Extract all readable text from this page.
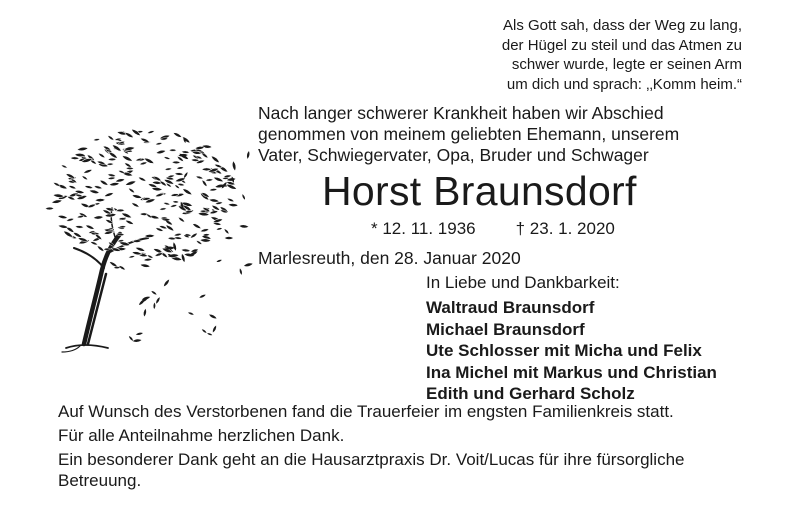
Als Gott sah, dass der Weg zu lang,
der Hügel zu steil und das Atmen zu
schwer wurde, legte er seinen Arm
um dich und sprach: ‚‚Komm heim.“
Nach langer schwerer Krankheit haben wir Abschied
genommen von meinem geliebten Ehemann, unserem
Vater, Schwiegervater, Opa, Bruder und Schwager
Horst Braunsdorf
* 12. 11. 1936 † 23. 1. 2020
Marlesreuth, den 28. Januar 2020
In Liebe und Dankbarkeit:
Waltraud Braunsdorf
Michael Braunsdorf
Ute Schlosser mit Micha und Felix
Ina Michel mit Markus und Christian
Edith und Gerhard Scholz
Auf Wunsch des Verstorbenen fand die Trauerfeier im engsten Familienkreis statt.
Für alle Anteilnahme herzlichen Dank.
Ein besonderer Dank geht an die Hausarztpraxis Dr. Voit/Lucas für ihre fürsorgliche Betreuung.
